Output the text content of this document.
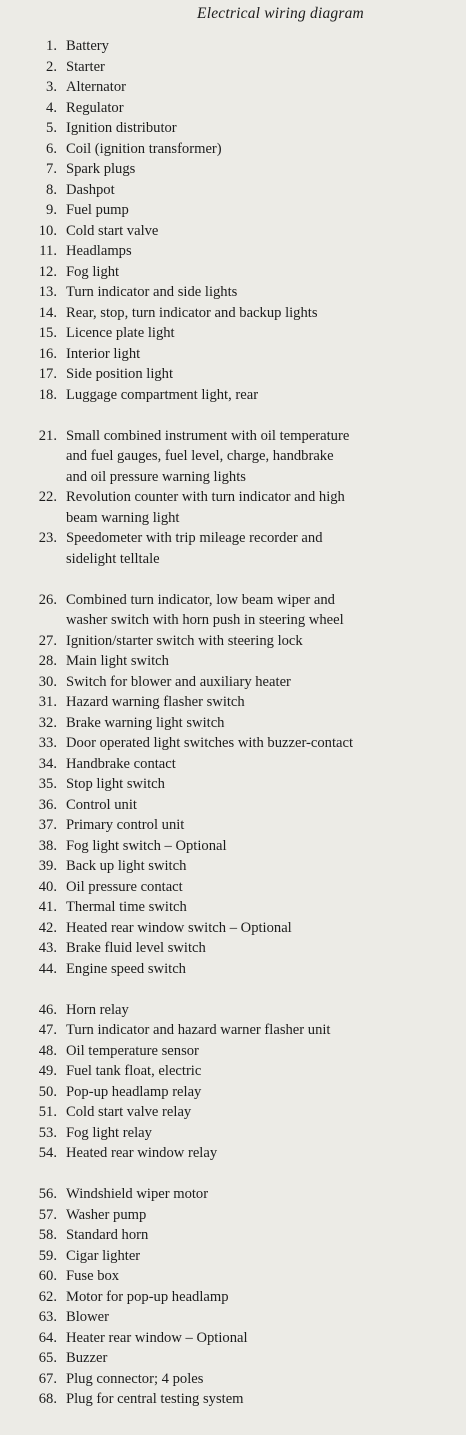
Electrical wiring diagram
1. Battery
2. Starter
3. Alternator
4. Regulator
5. Ignition distributor
6. Coil (ignition transformer)
7. Spark plugs
8. Dashpot
9. Fuel pump
10. Cold start valve
11. Headlamps
12. Fog light
13. Turn indicator and side lights
14. Rear, stop, turn indicator and backup lights
15. Licence plate light
16. Interior light
17. Side position light
18. Luggage compartment light, rear
21. Small combined instrument with oil temperature
and fuel gauges, fuel level, charge, handbrake
and oil pressure warning lights
22. Revolution counter with turn indicator and high
beam warning light
23. Speedometer with trip mileage recorder and
sidelight telltale
26. Combined turn indicator, low beam wiper and
washer switch with horn push in steering wheel
27. Ignition/starter switch with steering lock
28. Main light switch
30. Switch for blower and auxiliary heater
31. Hazard warning flasher switch
32. Brake warning light switch
33. Door operated light switches with buzzer-contact
34. Handbrake contact
35. Stop light switch
36. Control unit
37. Primary control unit
38. Fog light switch – Optional
39. Back up light switch
40. Oil pressure contact
41. Thermal time switch
42. Heated rear window switch – Optional
43. Brake fluid level switch
44. Engine speed switch
46. Horn relay
47. Turn indicator and hazard warner flasher unit
48. Oil temperature sensor
49. Fuel tank float, electric
50. Pop-up headlamp relay
51. Cold start valve relay
53. Fog light relay
54. Heated rear window relay
56. Windshield wiper motor
57. Washer pump
58. Standard horn
59. Cigar lighter
60. Fuse box
62. Motor for pop-up headlamp
63. Blower
64. Heater rear window – Optional
65. Buzzer
67. Plug connector; 4 poles
68. Plug for central testing system
